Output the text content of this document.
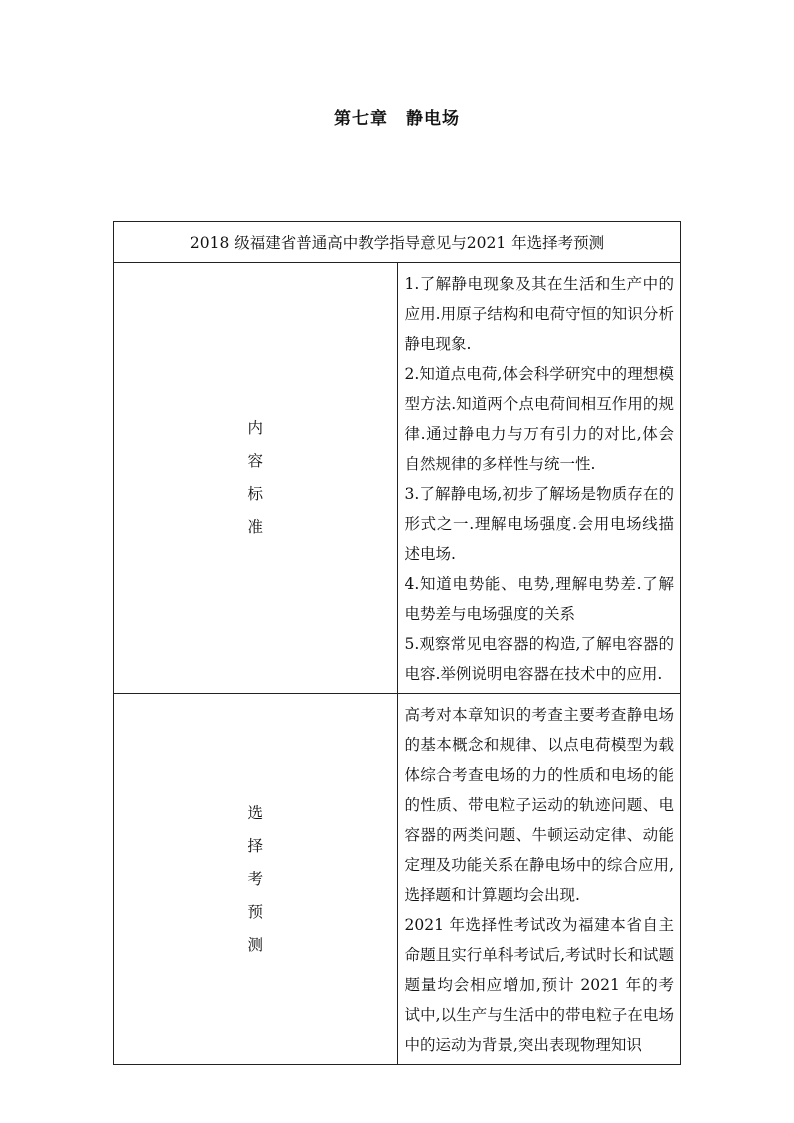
第七章　静电场
2018 级福建省普通高中教学指导意见与2021 年选择考预测	
内容标准	1.了解静电现象及其在生活和生产中的应用.用原子结构和电荷守恒的知识分析静电现象.

2.知道点电荷,体会科学研究中的理想模型方法.知道两个点电荷间相互作用的规律.通过静电力与万有引力的对比,体会自然规律的多样性与统一性.

3.了解静电场,初步了解场是物质存在的形式之一.理解电场强度.会用电场线描述电场.

4.知道电势能、电势,理解电势差.了解电势差与电场强度的关系

5.观察常见电容器的构造,了解电容器的电容.举例说明电容器在技术中的应用.

选择考预测	高考对本章知识的考查主要考查静电场的基本概念和规律、以点电荷模型为载体综合考查电场的力的性质和电场的能的性质、带电粒子运动的轨迹问题、电容器的两类问题、牛顿运动定律、动能定理及功能关系在静电场中的综合应用,选择题和计算题均会出现.

2021 年选择性考试改为福建本省自主命题且实行单科考试后,考试时长和试题题量均会相应增加,预计 2021 年的考试中,以生产与生活中的带电粒子在电场中的运动为背景,突出表现物理知识
